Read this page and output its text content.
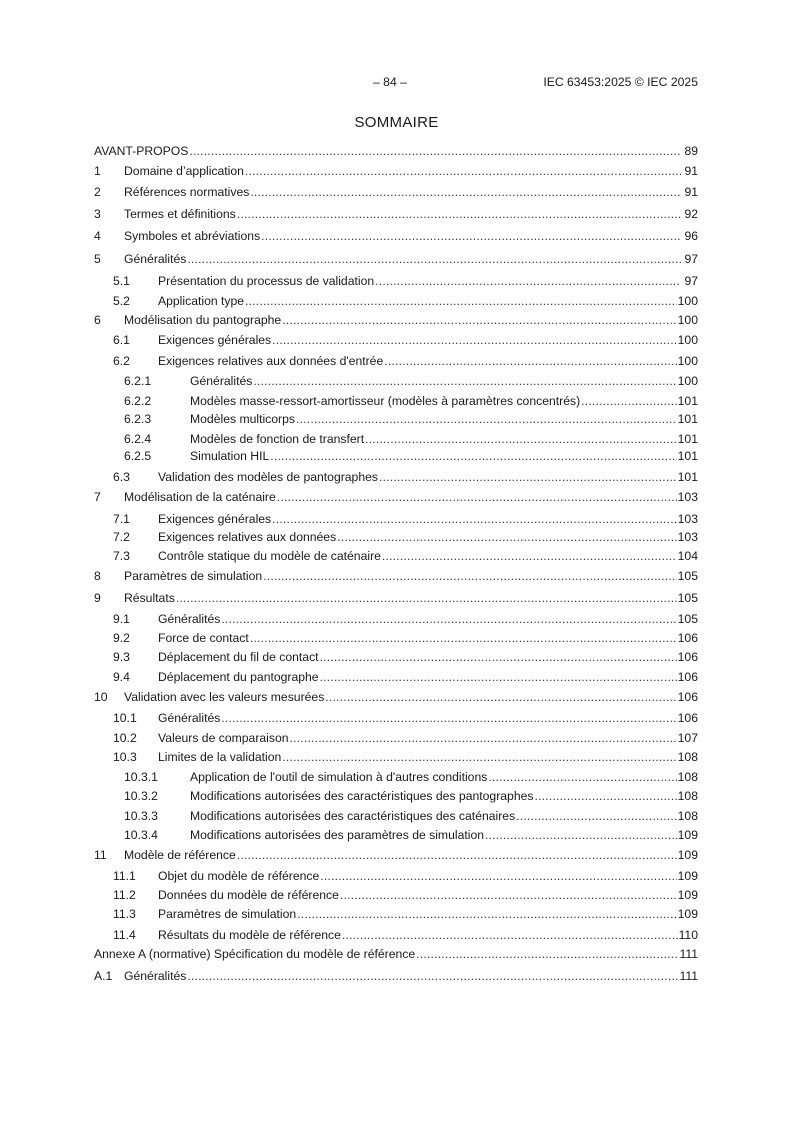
– 84 –	IEC 63453:2025 © IEC 2025
SOMMAIRE
AVANT-PROPOS .....	89
1	Domaine d’application .....	91
2	Références normatives .....	91
3	Termes et définitions .....	92
4	Symboles et abréviations .....	96
5	Généralités .....	97
5.1	Présentation du processus de validation .....	97
5.2	Application type .....	100
6	Modélisation du pantographe .....	100
6.1	Exigences générales .....	100
6.2	Exigences relatives aux données d'entrée .....	100
6.2.1	Généralités .....	100
6.2.2	Modèles masse-ressort-amortisseur (modèles à paramètres concentrés) .....	101
6.2.3	Modèles multicorps .....	101
6.2.4	Modèles de fonction de transfert .....	101
6.2.5	Simulation HIL .....	101
6.3	Validation des modèles de pantographes .....	101
7	Modélisation de la caténaire .....	103
7.1	Exigences générales .....	103
7.2	Exigences relatives aux données .....	103
7.3	Contrôle statique du modèle de caténaire .....	104
8	Paramètres de simulation .....	105
9	Résultats .....	105
9.1	Généralités .....	105
9.2	Force de contact .....	106
9.3	Déplacement du fil de contact .....	106
9.4	Déplacement du pantographe .....	106
10	Validation avec les valeurs mesurées .....	106
10.1	Généralités .....	106
10.2	Valeurs de comparaison .....	107
10.3	Limites de la validation .....	108
10.3.1	Application de l'outil de simulation à d'autres conditions .....	108
10.3.2	Modifications autorisées des caractéristiques des pantographes .....	108
10.3.3	Modifications autorisées des caractéristiques des caténaires .....	108
10.3.4	Modifications autorisées des paramètres de simulation .....	109
11	Modèle de référence .....	109
11.1	Objet du modèle de référence .....	109
11.2	Données du modèle de référence .....	109
11.3	Paramètres de simulation .....	109
11.4	Résultats du modèle de référence .....	110
Annexe A (normative) Spécification du modèle de référence .....	111
A.1 Généralités .....	111
